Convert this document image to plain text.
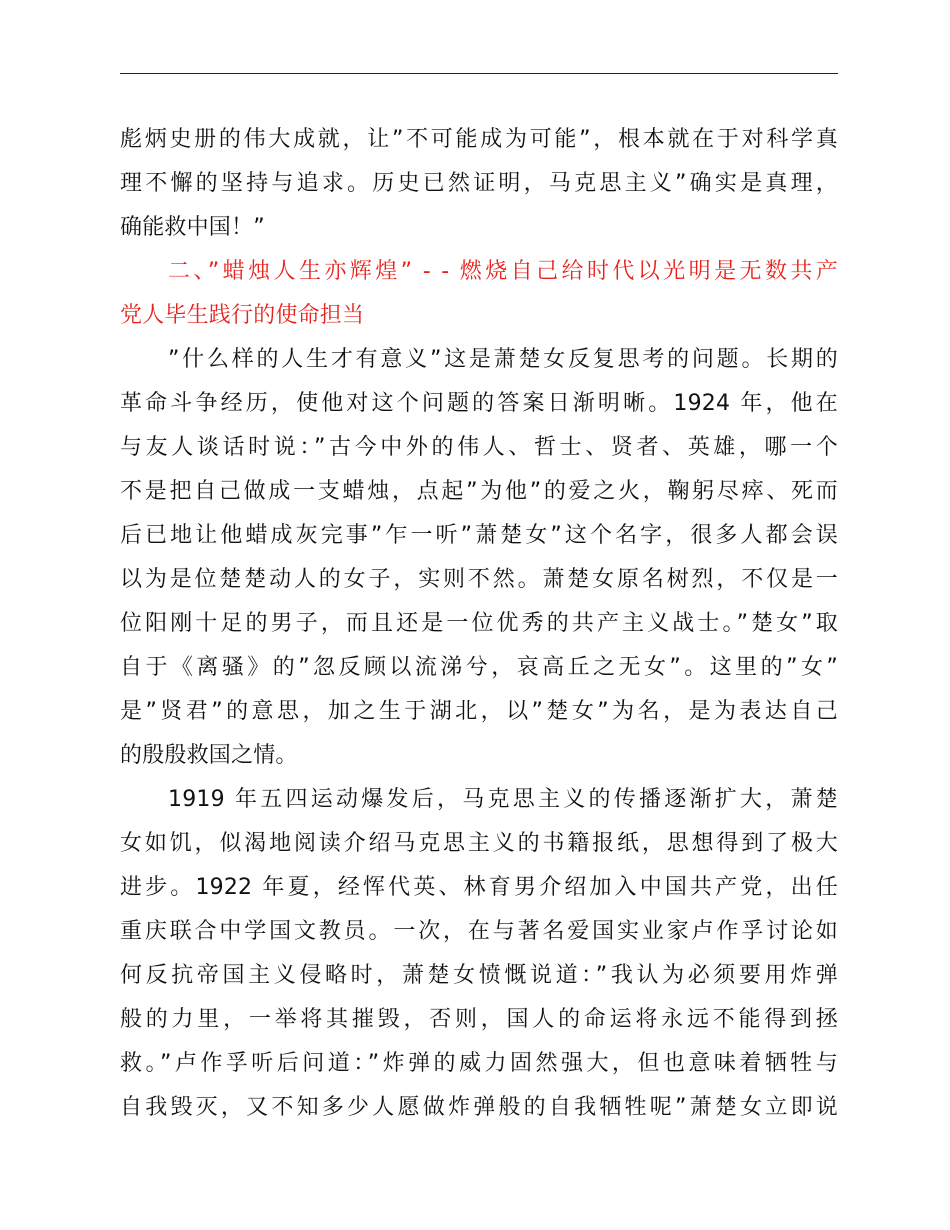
彪炳史册的伟大成就，让”不可能成为可能”，根本就在于对科学真
理不懈的坚持与追求。历史已然证明，马克思主义”确实是真理，
确能救中国！”
二、”蜡烛人生亦辉煌” - - 燃烧自己给时代以光明是无数共产
党人毕生践行的使命担当
”什么样的人生才有意义”这是萧楚女反复思考的问题。长期的
革命斗争经历，使他对这个问题的答案日渐明晰。1924 年，他在
与友人谈话时说：”古今中外的伟人、哲士、贤者、英雄，哪一个
不是把自己做成一支蜡烛，点起”为他”的爱之火，鞠躬尽瘁、死而
后已地让他蜡成灰完事”乍一听”萧楚女”这个名字，很多人都会误
以为是位楚楚动人的女子，实则不然。萧楚女原名树烈，不仅是一
位阳刚十足的男子，而且还是一位优秀的共产主义战士。”楚女”取
自于《离骚》的”忽反顾以流涕兮，哀高丘之无女”。这里的”女”
是”贤君”的意思，加之生于湖北，以”楚女”为名，是为表达自己
的殷殷救国之情。
1919 年五四运动爆发后，马克思主义的传播逐渐扩大，萧楚
女如饥，似渴地阅读介绍马克思主义的书籍报纸，思想得到了极大
进步。1922 年夏，经恽代英、林育男介绍加入中国共产党，出任
重庆联合中学国文教员。一次，在与著名爱国实业家卢作孚讨论如
何反抗帝国主义侵略时，萧楚女愤慨说道：”我认为必须要用炸弹
般的力里，一举将其摧毁，否则，国人的命运将永远不能得到拯
救。”卢作孚听后问道：”炸弹的威力固然强大，但也意味着牺牲与
自我毁灭，又不知多少人愿做炸弹般的自我牺牲呢”萧楚女立即说
